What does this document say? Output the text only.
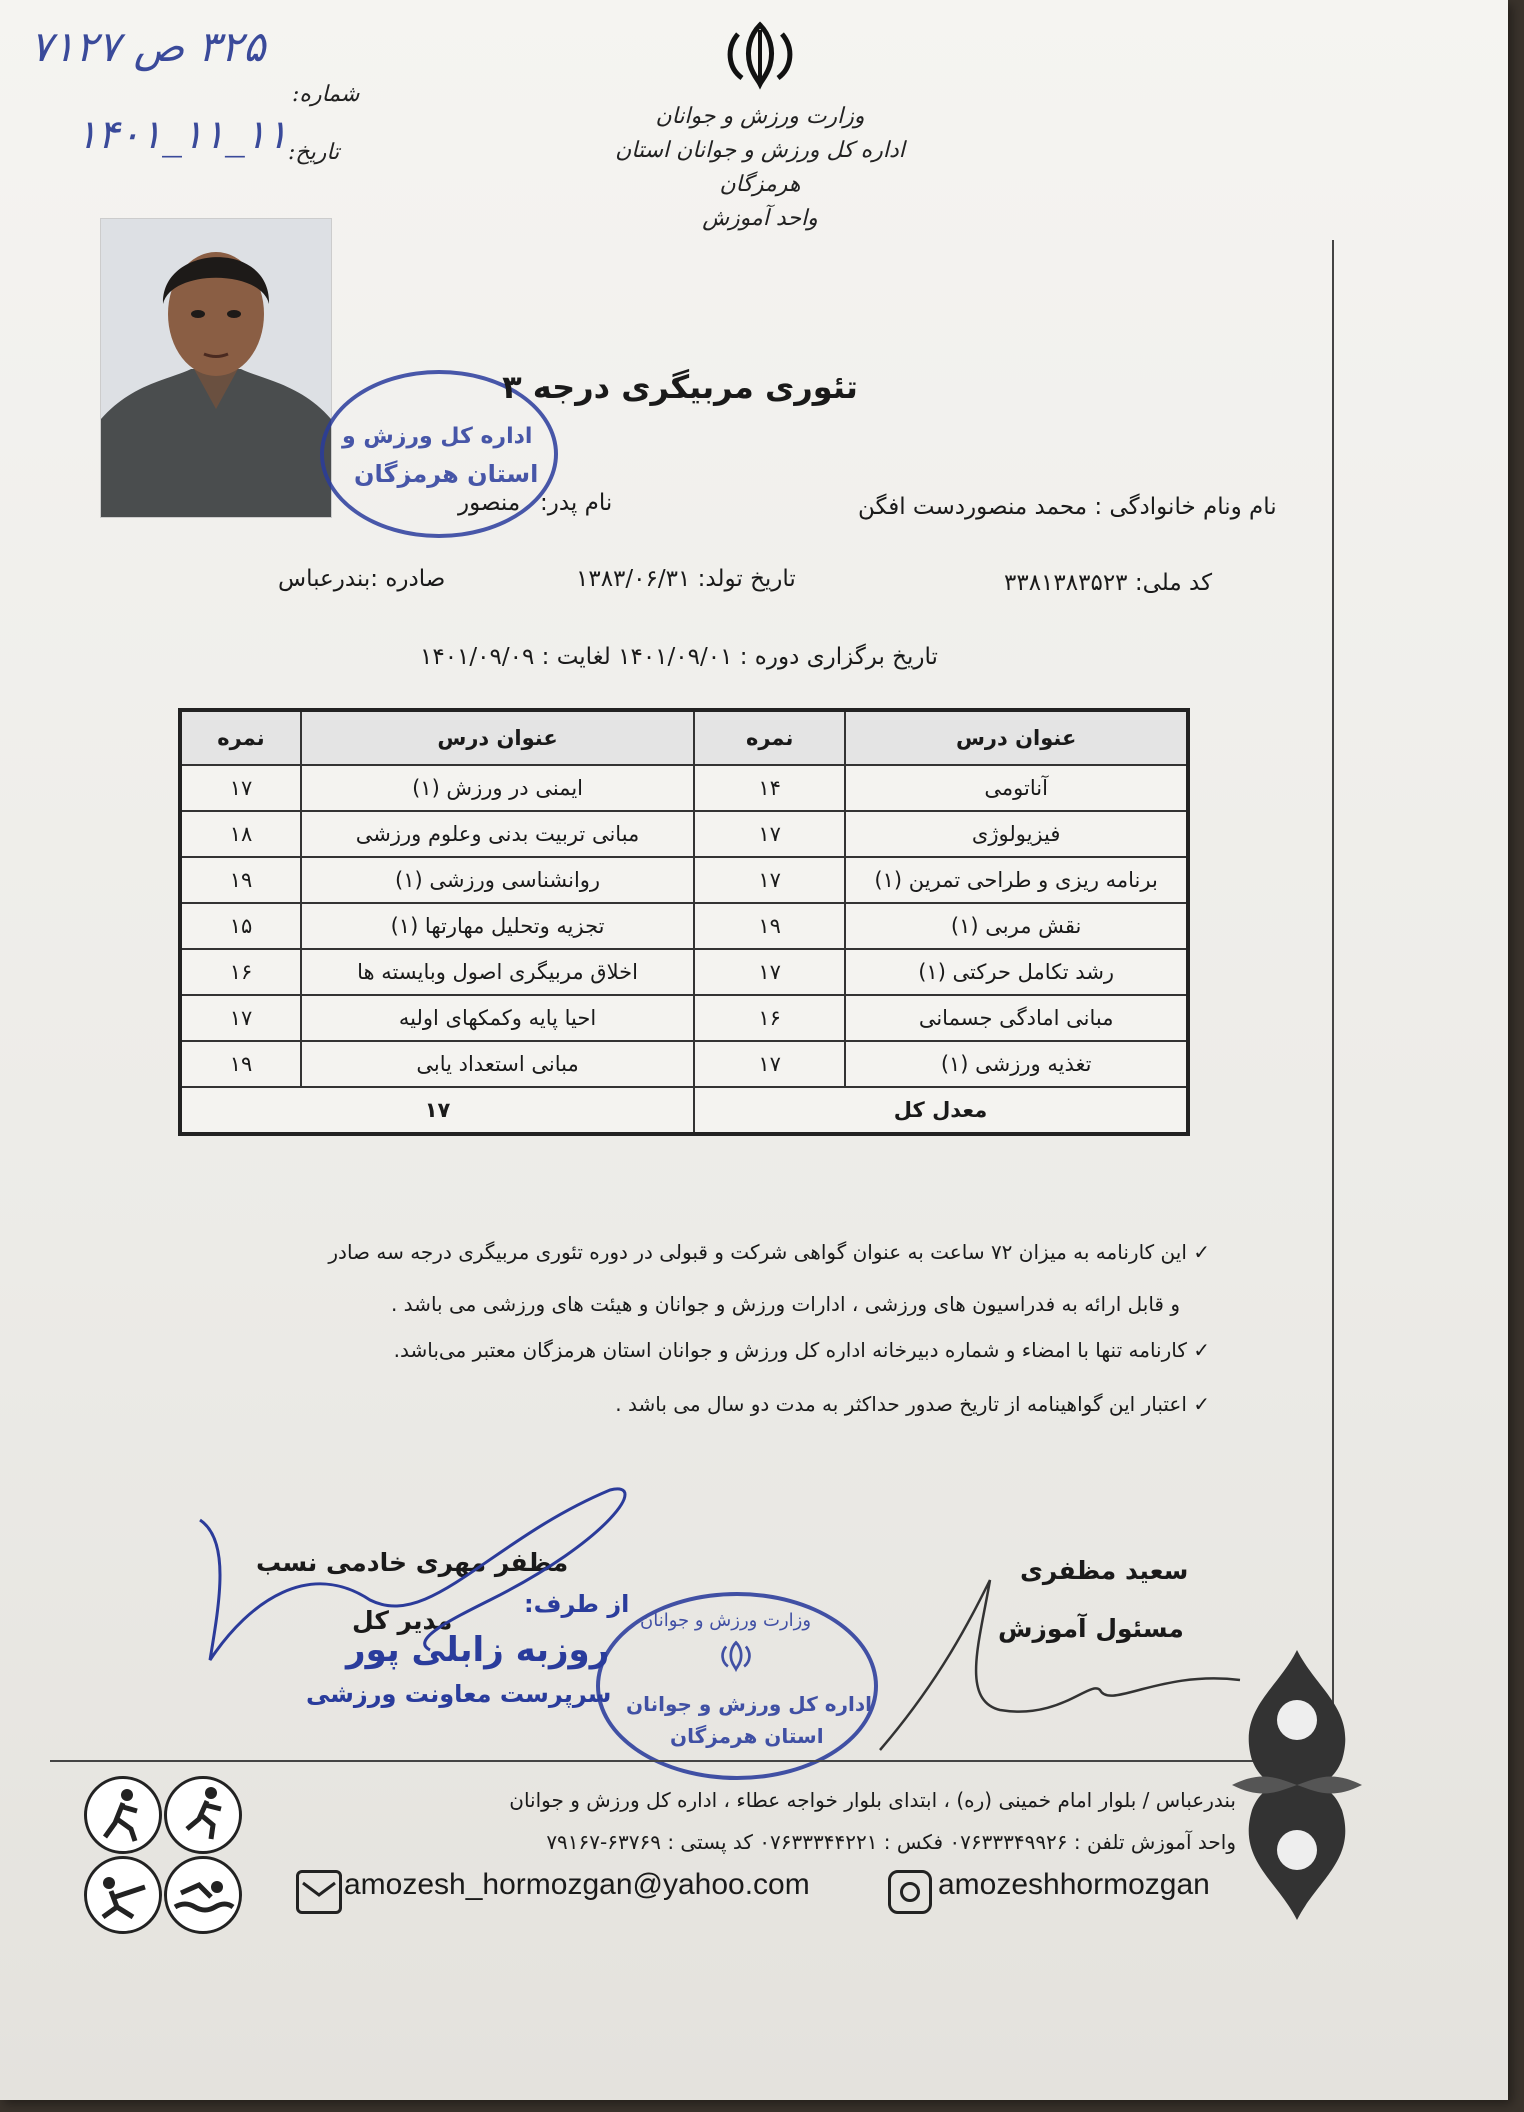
وزارت ورزش و جوانان
اداره کل ورزش و جوانان استان هرمزگان
واحد آموزش
شماره:
تاریخ:
۳۲۵ ص ۷۱۲۷
۱۴۰۱_۱۱_۱۱
اداره کل ورزش و
استان هرمزگان
تئوری مربیگری درجه ۳
نام ونام خانوادگی : محمد منصوردست افگن
نام پدر:
منصور
کد ملی: ۳۳۸۱۳۸۳۵۲۳
تاریخ تولد: ۱۳۸۳/۰۶/۳۱
صادره :بندرعباس
تاریخ برگزاری دوره : ۱۴۰۱/۰۹/۰۱ لغایت : ۱۴۰۱/۰۹/۰۹
عنوان درس	نمره	عنوان درس	نمره
آناتومی	۱۴	ایمنی در ورزش (۱)	۱۷
فیزیولوژی	۱۷	مبانی تربیت بدنی وعلوم ورزشی	۱۸
برنامه ریزی و طراحی تمرین (۱)	۱۷	روانشناسی ورزشی (۱)	۱۹
نقش مربی (۱)	۱۹	تجزیه وتحلیل مهارتها (۱)	۱۵
رشد تکامل حرکتی (۱)	۱۷	اخلاق مربیگری اصول وبایسته ها	۱۶
مبانی امادگی جسمانی	۱۶	احیا پایه وکمکهای اولیه	۱۷
تغذیه ورزشی (۱)	۱۷	مبانی استعداد یابی	۱۹
معدل کل		۱۷	
✓ این کارنامه به میزان ۷۲ ساعت به عنوان گواهی شرکت و قبولی در دوره تئوری مربیگری درجه سه صادر
و قابل ارائه به فدراسیون های ورزشی ، ادارات ورزش و جوانان و هیئت های ورزشی می باشد .
✓ کارنامه تنها با امضاء و شماره دبیرخانه اداره کل ورزش و جوانان استان هرمزگان معتبر می‌باشد.
✓ اعتبار این گواهینامه از تاریخ صدور حداکثر به مدت دو سال می باشد .
سعید مظفری
مسئول آموزش
مظفر مهری خادمی نسب
مدیر کل
از طرف:
روزبه زابلی پور
سرپرست معاونت ورزشی
وزارت ورزش و جوانان
اداره کل ورزش و جوانان
استان هرمزگان
بندرعباس / بلوار امام خمینی (ره) ، ابتدای بلوار خواجه عطاء ، اداره کل ورزش و جوانان
واحد آموزش تلفن : ۰۷۶۳۳۳۴۹۹۲۶ فکس : ۰۷۶۳۳۳۴۴۲۲۱ کد پستی : ۶۳۷۶۹-۷۹۱۶۷
amozesh_hormozgan@yahoo.com	amozeshhormozgan
